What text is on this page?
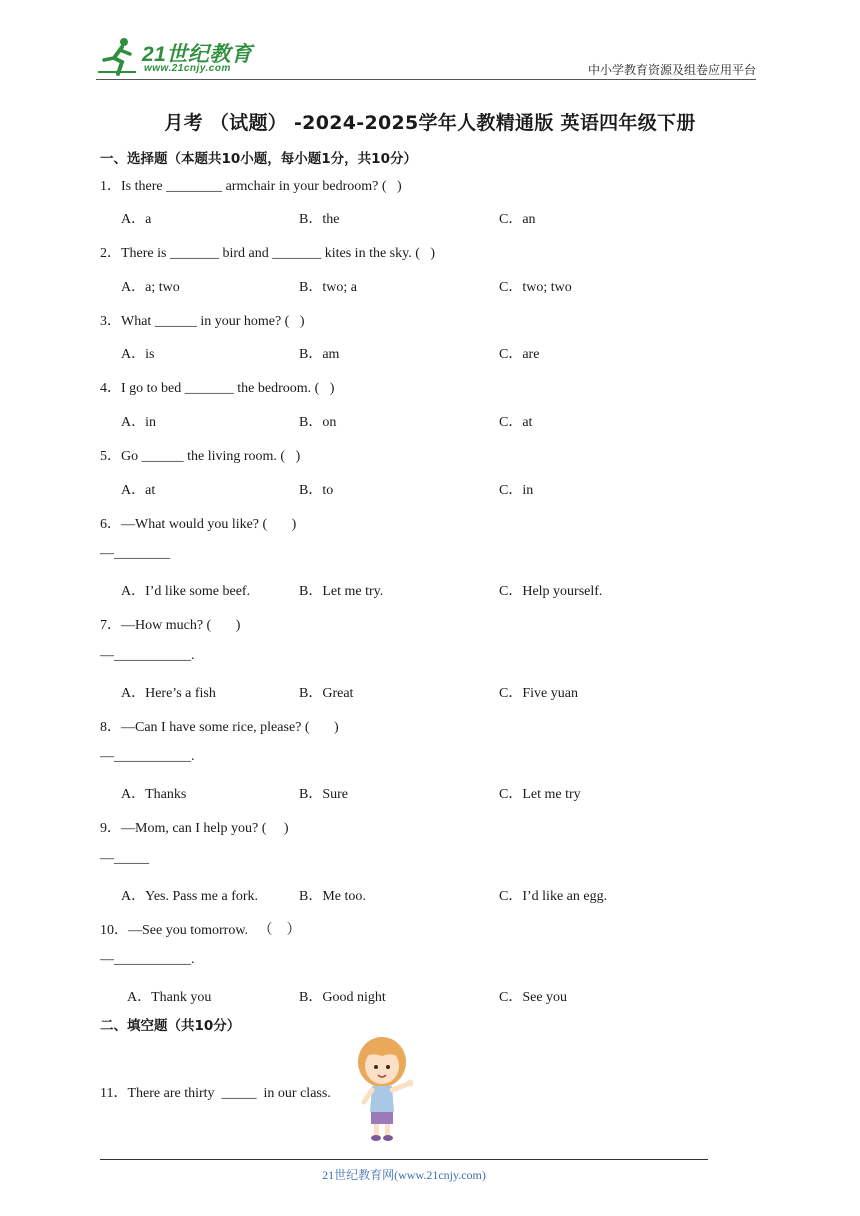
21世纪教育
www.21cnjy.com	中小学教育资源及组卷应用平台
月考 （试题） -2024-2025学年人教精通版 英语四年级下册
一、选择题（本题共10小题，每小题1分，共10分）
1．Is there ________ armchair in your bedroom? (   )
A．a	B．the	C．an
2．There is _______ bird and _______ kites in the sky. (   )
A．a; two	B．two; a	C．two; two
3．What ______ in your home? (   )
A．is	B．am	C．are
4．I go to bed _______ the bedroom. (   )
A．in	B．on	C．at
5．Go ______ the living room. (   )
A．at	B．to	C．in
6．—What would you like? (       )
—________
A．I’d like some beef.	B．Let me try.	C．Help yourself.
7．—How much? (       )
—___________.
A．Here’s a fish	B．Great	C．Five yuan
8．—Can I have some rice, please? (       )
—___________.
A．Thanks	B．Sure	C．Let me try
9．—Mom, can I help you? (     )
—_____
A．Yes. Pass me a fork.	B．Me too.	C．I’d like an egg.
10．—See you tomorrow.   （    ）
—___________.
A．Thank you	B．Good night	C．See you
二、填空题（共10分）
11．There are thirty  _____  in our class.
21世纪教育网(www.21cnjy.com)
